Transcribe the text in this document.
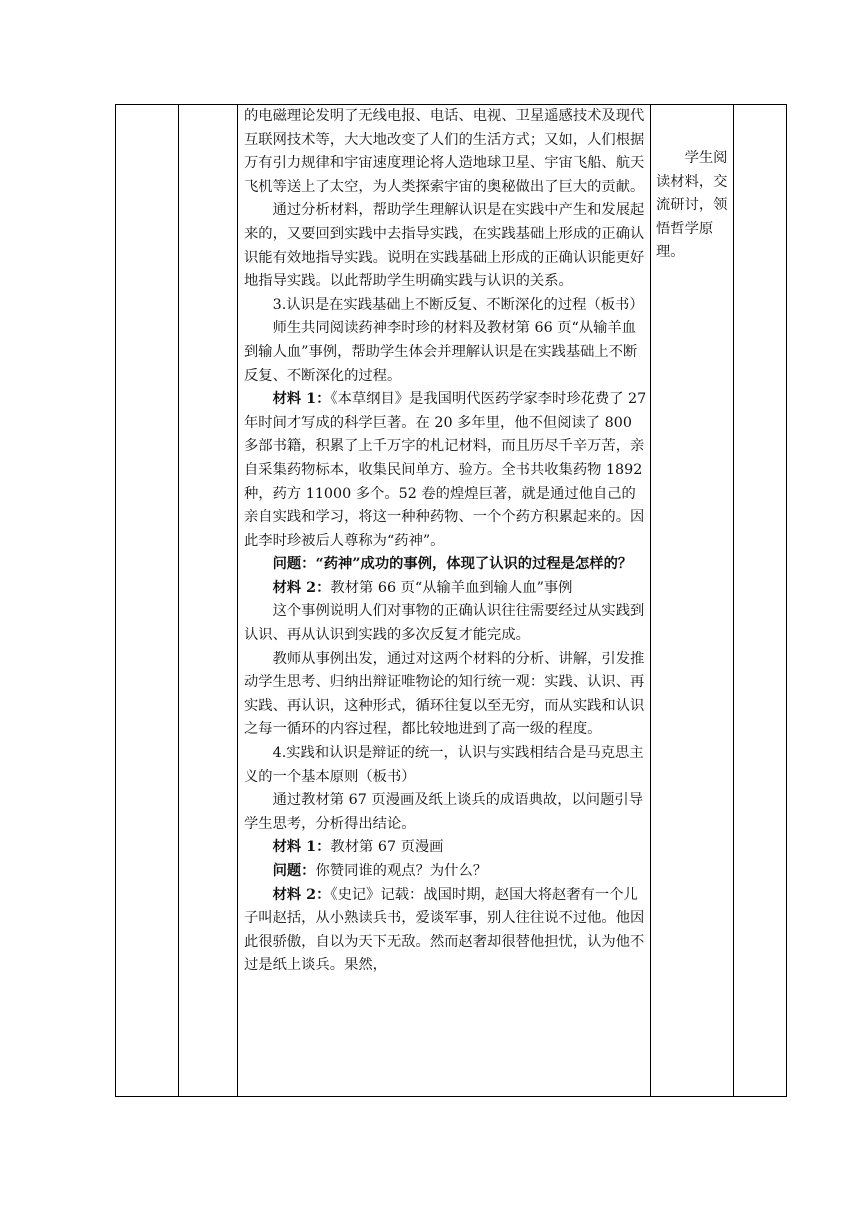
的电磁理论发明了无线电报、电话、电视、卫星遥感技术及现代互联网技术等，大大地改变了人们的生活方式；又如，人们根据万有引力规律和宇宙速度理论将人造地球卫星、宇宙飞船、航天飞机等送上了太空，为人类探索宇宙的奥秘做出了巨大的贡献。

通过分析材料，帮助学生理解认识是在实践中产生和发展起来的，又要回到实践中去指导实践，在实践基础上形成的正确认识能有效地指导实践。说明在实践基础上形成的正确认识能更好地指导实践。以此帮助学生明确实践与认识的关系。

3.认识是在实践基础上不断反复、不断深化的过程（板书）

师生共同阅读药神李时珍的材料及教材第 66 页“从输羊血到输人血”事例，帮助学生体会并理解认识是在实践基础上不断反复、不断深化的过程。

材料 1：《本草纲目》是我国明代医药学家李时珍花费了 27 年时间才写成的科学巨著。在 20 多年里，他不但阅读了 800 多部书籍，积累了上千万字的札记材料，而且历尽千辛万苦，亲自采集药物标本，收集民间单方、验方。全书共收集药物 1892 种，药方 11000 多个。52 卷的煌煌巨著，就是通过他自己的亲自实践和学习，将这一种种药物、一个个药方积累起来的。因此李时珍被后人尊称为“药神”。

问题：“药神”成功的事例，体现了认识的过程是怎样的？

材料 2：教材第 66 页“从输羊血到输人血”事例

这个事例说明人们对事物的正确认识往往需要经过从实践到认识、再从认识到实践的多次反复才能完成。

教师从事例出发，通过对这两个材料的分析、讲解，引发推动学生思考、归纳出辩证唯物论的知行统一观：实践、认识、再实践、再认识，这种形式，循环往复以至无穷，而从实践和认识之每一循环的内容过程，都比较地进到了高一级的程度。

4.实践和认识是辩证的统一，认识与实践相结合是马克思主义的一个基本原则（板书）

通过教材第 67 页漫画及纸上谈兵的成语典故，以问题引导学生思考，分析得出结论。

材料 1：教材第 67 页漫画

问题：你赞同谁的观点？为什么？

材料 2：《史记》记载：战国时期，赵国大将赵奢有一个儿子叫赵括，从小熟读兵书，爱谈军事，别人往往说不过他。他因此很骄傲，自以为天下无敌。然而赵奢却很替他担忧，认为他不过是纸上谈兵。果然，

学生阅读材料，交流研讨，领悟哲学原理。
